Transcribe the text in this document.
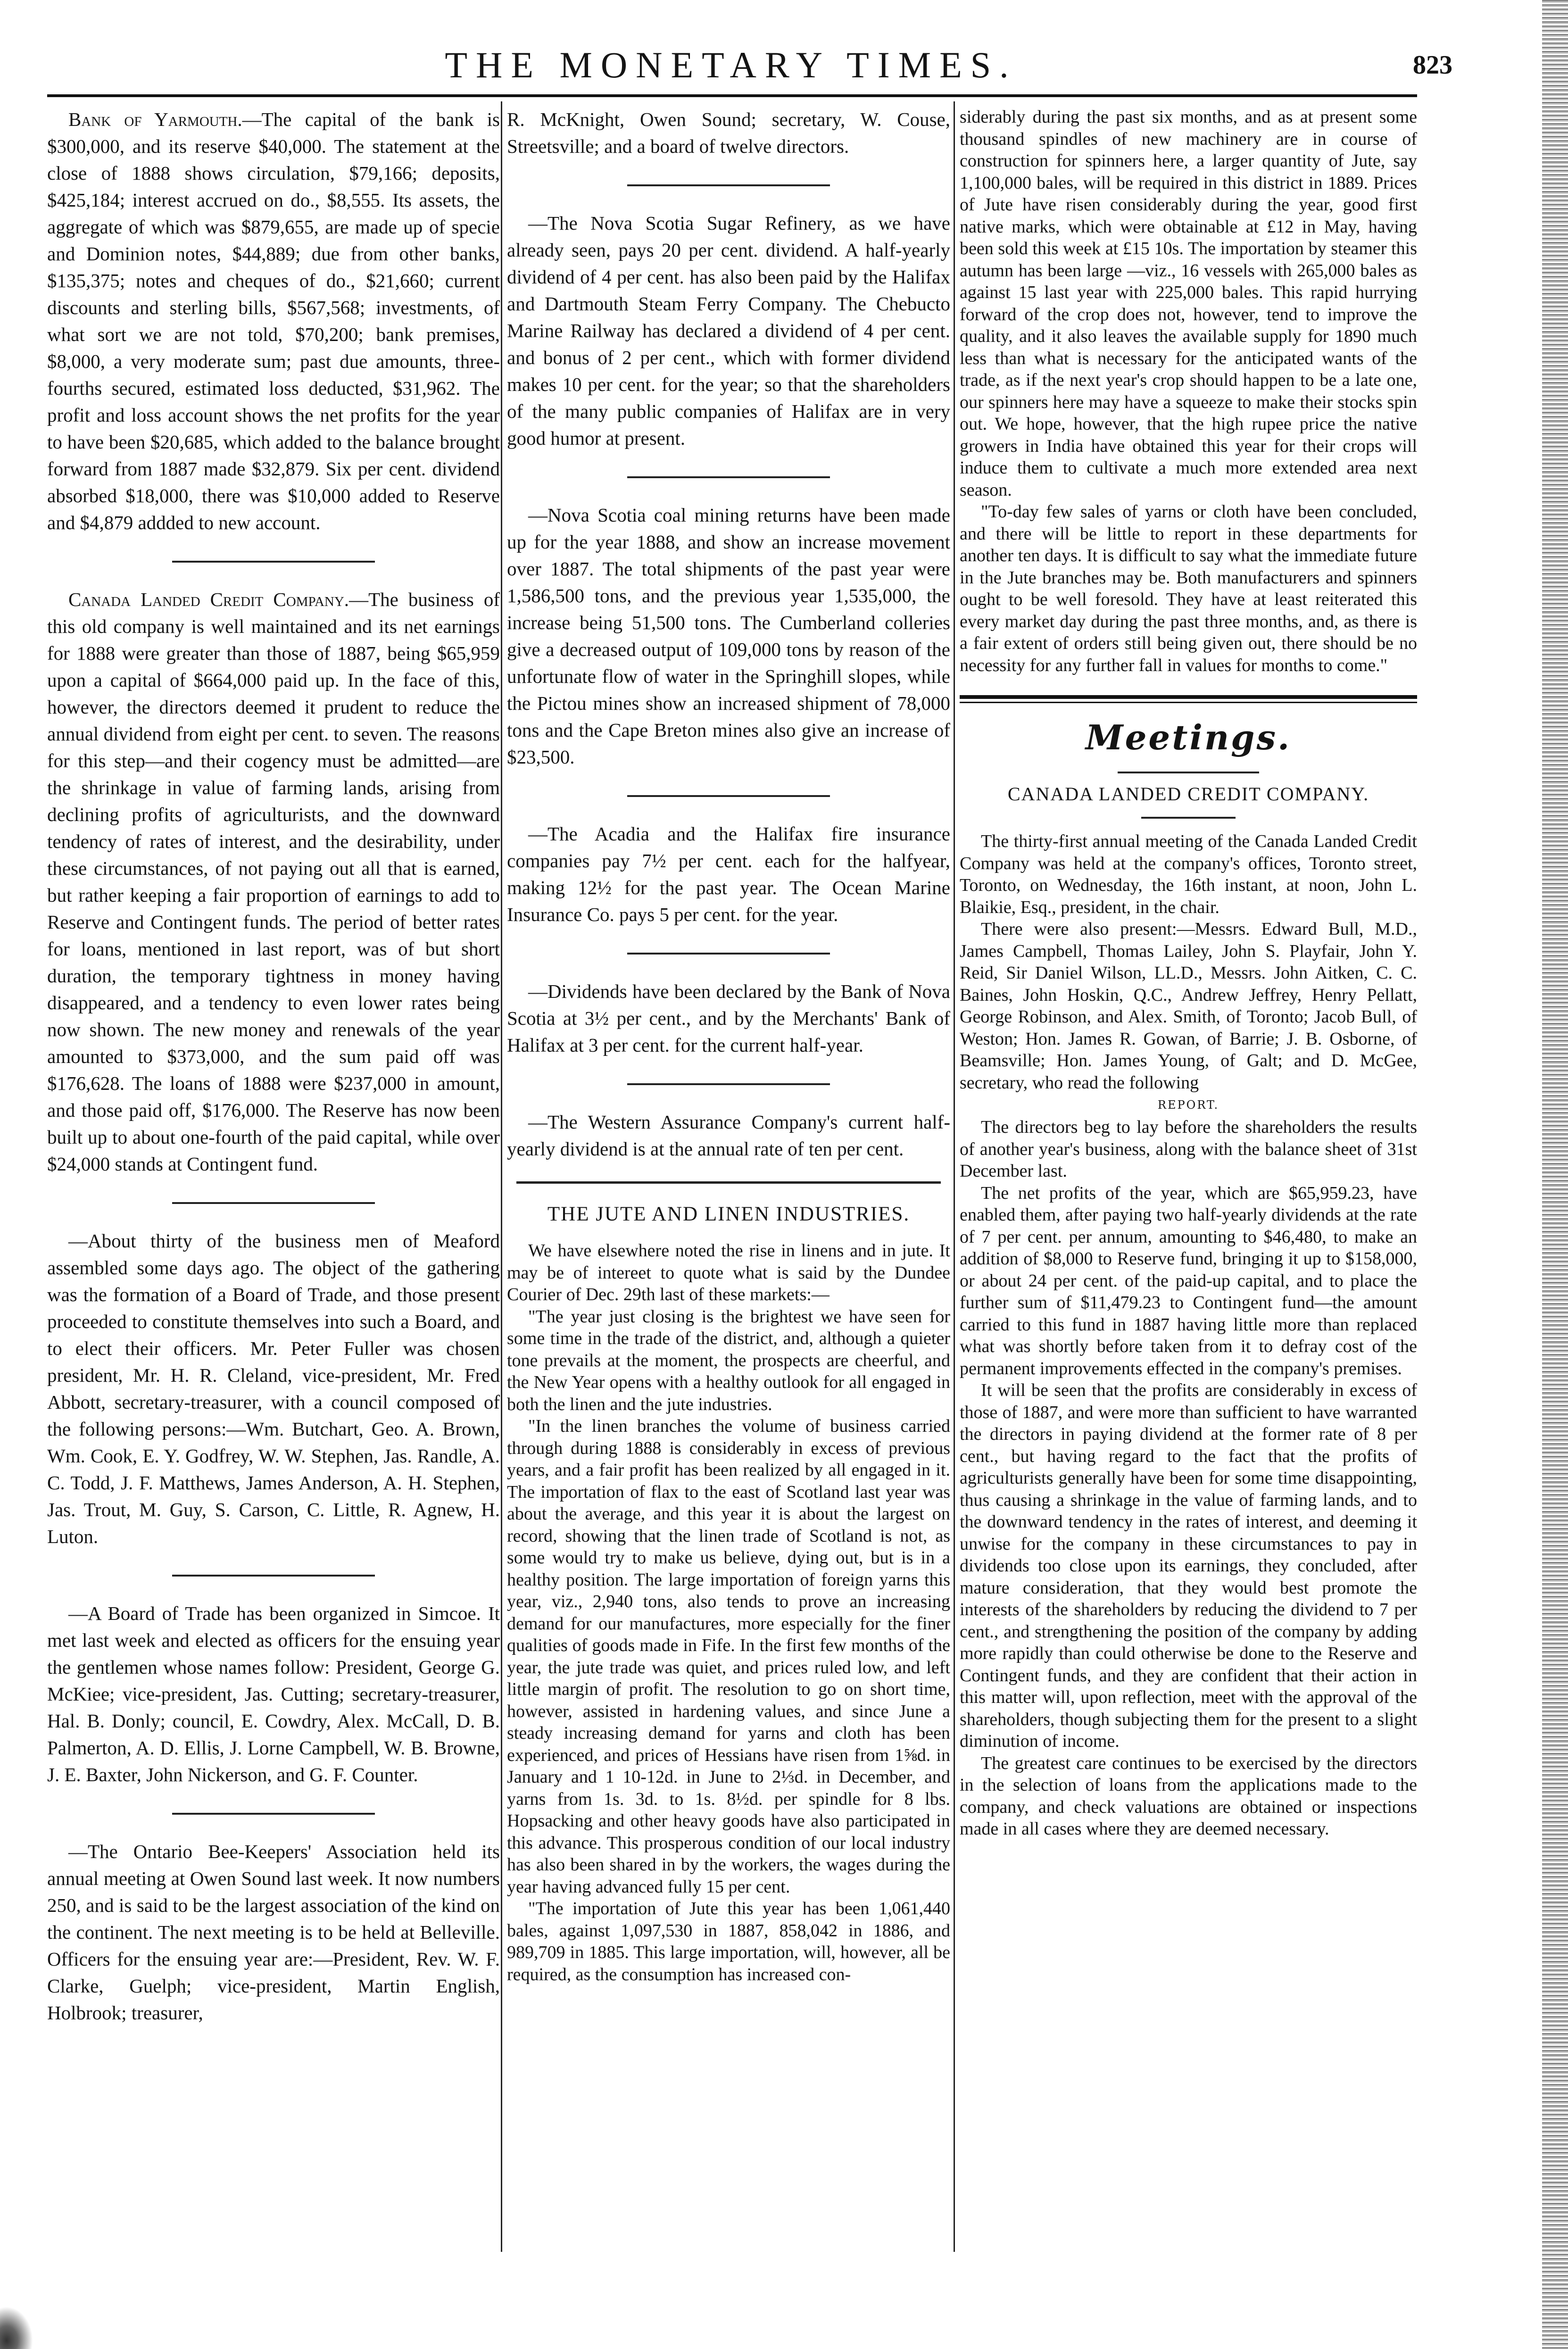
THE MONETARY TIMES.	823

Bank of Yarmouth.—The capital of the bank is $300,000, and its reserve $40,000. The statement at the close of 1888 shows circulation, $79,166; deposits, $425,184; interest accrued on do., $8,555. Its assets, the aggregate of which was $879,655, are made up of specie and Dominion notes, $44,889; due from other banks, $135,375; notes and cheques of do., $21,660; current discounts and sterling bills, $567,568; investments, of what sort we are not told, $70,200; bank premises, $8,000, a very moderate sum; past due amounts, three-fourths secured, estimated loss deducted, $31,962. The profit and loss account shows the net profits for the year to have been $20,685, which added to the balance brought forward from 1887 made $32,879. Six per cent. dividend absorbed $18,000, there was $10,000 added to Reserve and $4,879 addded to new account.

Canada Landed Credit Company.—The business of this old company is well maintained and its net earnings for 1888 were greater than those of 1887, being $65,959 upon a capital of $664,000 paid up. In the face of this, however, the directors deemed it prudent to reduce the annual dividend from eight per cent. to seven. The reasons for this step—and their cogency must be admitted—are the shrinkage in value of farming lands, arising from declining profits of agriculturists, and the downward tendency of rates of interest, and the desirability, under these circumstances, of not paying out all that is earned, but rather keeping a fair proportion of earnings to add to Reserve and Contingent funds. The period of better rates for loans, mentioned in last report, was of but short duration, the temporary tightness in money having disappeared, and a tendency to even lower rates being now shown. The new money and renewals of the year amounted to $373,000, and the sum paid off was $176,628. The loans of 1888 were $237,000 in amount, and those paid off, $176,000. The Reserve has now been built up to about one-fourth of the paid capital, while over $24,000 stands at Contingent fund.

—About thirty of the business men of Meaford assembled some days ago. The object of the gathering was the formation of a Board of Trade, and those present proceeded to constitute themselves into such a Board, and to elect their officers. Mr. Peter Fuller was chosen president, Mr. H. R. Cleland, vice-president, Mr. Fred Abbott, secretary-treasurer, with a council composed of the following persons:—Wm. Butchart, Geo. A. Brown, Wm. Cook, E. Y. Godfrey, W. W. Stephen, Jas. Randle, A. C. Todd, J. F. Matthews, James Anderson, A. H. Stephen, Jas. Trout, M. Guy, S. Carson, C. Little, R. Agnew, H. Luton.

—A Board of Trade has been organized in Simcoe. It met last week and elected as officers for the ensuing year the gentlemen whose names follow: President, George G. McKiee; vice-president, Jas. Cutting; secretary-treasurer, Hal. B. Donly; council, E. Cowdry, Alex. McCall, D. B. Palmerton, A. D. Ellis, J. Lorne Campbell, W. B. Browne, J. E. Baxter, John Nickerson, and G. F. Counter.

—The Ontario Bee-Keepers' Association held its annual meeting at Owen Sound last week. It now numbers 250, and is said to be the largest association of the kind on the continent. The next meeting is to be held at Belleville. Officers for the ensuing year are:—President, Rev. W. F. Clarke, Guelph; vice-president, Martin English, Holbrook; treasurer,

R. McKnight, Owen Sound; secretary, W. Couse, Streetsville; and a board of twelve directors.

—The Nova Scotia Sugar Refinery, as we have already seen, pays 20 per cent. dividend. A half-yearly dividend of 4 per cent. has also been paid by the Halifax and Dartmouth Steam Ferry Company. The Chebucto Marine Railway has declared a dividend of 4 per cent. and bonus of 2 per cent., which with former dividend makes 10 per cent. for the year; so that the shareholders of the many public companies of Halifax are in very good humor at present.

—Nova Scotia coal mining returns have been made up for the year 1888, and show an increase movement over 1887. The total shipments of the past year were 1,586,500 tons, and the previous year 1,535,000, the increase being 51,500 tons. The Cumberland colleries give a decreased output of 109,000 tons by reason of the unfortunate flow of water in the Springhill slopes, while the Pictou mines show an increased shipment of 78,000 tons and the Cape Breton mines also give an increase of $23,500.

—The Acadia and the Halifax fire insurance companies pay 7½ per cent. each for the halfyear, making 12½ for the past year. The Ocean Marine Insurance Co. pays 5 per cent. for the year.

—Dividends have been declared by the Bank of Nova Scotia at 3½ per cent., and by the Merchants' Bank of Halifax at 3 per cent. for the current half-year.

—The Western Assurance Company's current half-yearly dividend is at the annual rate of ten per cent.

THE JUTE AND LINEN INDUSTRIES.

We have elsewhere noted the rise in linens and in jute. It may be of intereet to quote what is said by the Dundee Courier of Dec. 29th last of these markets:—

"The year just closing is the brightest we have seen for some time in the trade of the district, and, although a quieter tone prevails at the moment, the prospects are cheerful, and the New Year opens with a healthy outlook for all engaged in both the linen and the jute industries.

"In the linen branches the volume of business carried through during 1888 is considerably in excess of previous years, and a fair profit has been realized by all engaged in it. The importation of flax to the east of Scotland last year was about the average, and this year it is about the largest on record, showing that the linen trade of Scotland is not, as some would try to make us believe, dying out, but is in a healthy position. The large importation of foreign yarns this year, viz., 2,940 tons, also tends to prove an increasing demand for our manufactures, more especially for the finer qualities of goods made in Fife. In the first few months of the year, the jute trade was quiet, and prices ruled low, and left little margin of profit. The resolution to go on short time, however, assisted in hardening values, and since June a steady increasing demand for yarns and cloth has been experienced, and prices of Hessians have risen from 1⅝d. in January and 1 10-12d. in June to 2⅓d. in December, and yarns from 1s. 3d. to 1s. 8½d. per spindle for 8 lbs. Hopsacking and other heavy goods have also participated in this advance. This prosperous condition of our local industry has also been shared in by the workers, the wages during the year having advanced fully 15 per cent.

"The importation of Jute this year has been 1,061,440 bales, against 1,097,530 in 1887, 858,042 in 1886, and 989,709 in 1885. This large importation, will, however, all be required, as the consumption has increased con-

siderably during the past six months, and as at present some thousand spindles of new machinery are in course of construction for spinners here, a larger quantity of Jute, say 1,100,000 bales, will be required in this district in 1889. Prices of Jute have risen considerably during the year, good first native marks, which were obtainable at £12 in May, having been sold this week at £15 10s. The importation by steamer this autumn has been large —viz., 16 vessels with 265,000 bales as against 15 last year with 225,000 bales. This rapid hurrying forward of the crop does not, however, tend to improve the quality, and it also leaves the available supply for 1890 much less than what is necessary for the anticipated wants of the trade, as if the next year's crop should happen to be a late one, our spinners here may have a squeeze to make their stocks spin out. We hope, however, that the high rupee price the native growers in India have obtained this year for their crops will induce them to cultivate a much more extended area next season.

"To-day few sales of yarns or cloth have been concluded, and there will be little to report in these departments for another ten days. It is difficult to say what the immediate future in the Jute branches may be. Both manufacturers and spinners ought to be well foresold. They have at least reiterated this every market day during the past three months, and, as there is a fair extent of orders still being given out, there should be no necessity for any further fall in values for months to come."

Meetings.
CANADA LANDED CREDIT COMPANY.

The thirty-first annual meeting of the Canada Landed Credit Company was held at the company's offices, Toronto street, Toronto, on Wednesday, the 16th instant, at noon, John L. Blaikie, Esq., president, in the chair.

There were also present:—Messrs. Edward Bull, M.D., James Campbell, Thomas Lailey, John S. Playfair, John Y. Reid, Sir Daniel Wilson, LL.D., Messrs. John Aitken, C. C. Baines, John Hoskin, Q.C., Andrew Jeffrey, Henry Pellatt, George Robinson, and Alex. Smith, of Toronto; Jacob Bull, of Weston; Hon. James R. Gowan, of Barrie; J. B. Osborne, of Beamsville; Hon. James Young, of Galt; and D. McGee, secretary, who read the following

REPORT.

The directors beg to lay before the shareholders the results of another year's business, along with the balance sheet of 31st December last.

The net profits of the year, which are $65,959.23, have enabled them, after paying two half-yearly dividends at the rate of 7 per cent. per annum, amounting to $46,480, to make an addition of $8,000 to Reserve fund, bringing it up to $158,000, or about 24 per cent. of the paid-up capital, and to place the further sum of $11,479.23 to Contingent fund—the amount carried to this fund in 1887 having little more than replaced what was shortly before taken from it to defray cost of the permanent improvements effected in the company's premises.

It will be seen that the profits are considerably in excess of those of 1887, and were more than sufficient to have warranted the directors in paying dividend at the former rate of 8 per cent., but having regard to the fact that the profits of agriculturists generally have been for some time disappointing, thus causing a shrinkage in the value of farming lands, and to the downward tendency in the rates of interest, and deeming it unwise for the company in these circumstances to pay in dividends too close upon its earnings, they concluded, after mature consideration, that they would best promote the interests of the shareholders by reducing the dividend to 7 per cent., and strengthening the position of the company by adding more rapidly than could otherwise be done to the Reserve and Contingent funds, and they are confident that their action in this matter will, upon reflection, meet with the approval of the shareholders, though subjecting them for the present to a slight diminution of income.

The greatest care continues to be exercised by the directors in the selection of loans from the applications made to the company, and check valuations are obtained or inspections made in all cases where they are deemed necessary.
